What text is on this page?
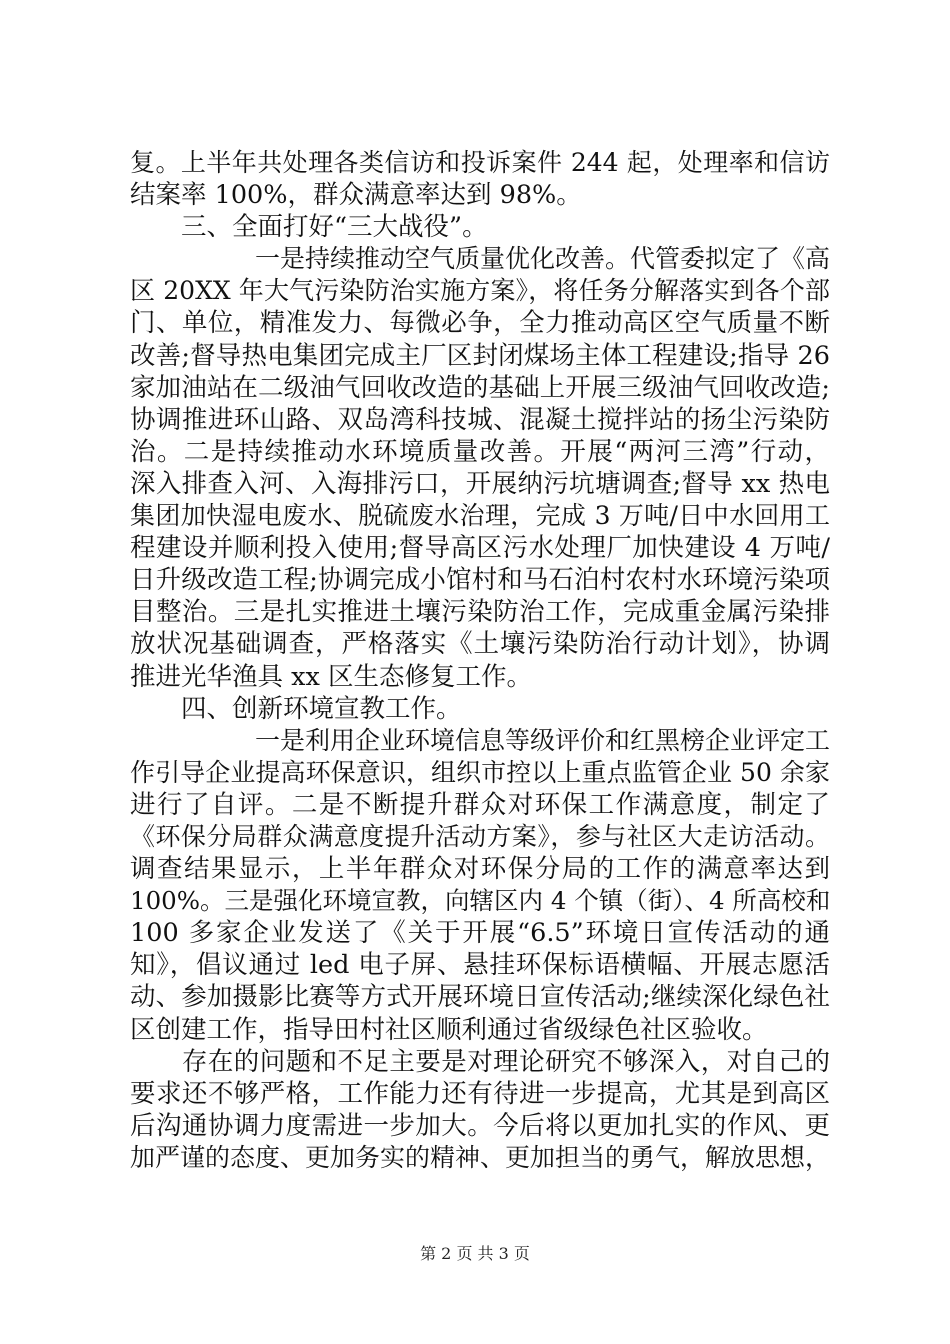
复。上半年共处理各类信访和投诉案件 244 起，处理率和信访
结案率 100%，群众满意率达到 98%。
　　三、全面打好“三大战役”。
　　　　　一是持续推动空气质量优化改善。代管委拟定了《高
区 20XX 年大气污染防治实施方案》，将任务分解落实到各个部
门、单位，精准发力、每微必争，全力推动高区空气质量不断
改善;督导热电集团完成主厂区封闭煤场主体工程建设;指导 26
家加油站在二级油气回收改造的基础上开展三级油气回收改造;
协调推进环山路、双岛湾科技城、混凝土搅拌站的扬尘污染防
治。二是持续推动水环境质量改善。开展“两河三湾”行动，
深入排查入河、入海排污口，开展纳污坑塘调查;督导 xx 热电
集团加快湿电废水、脱硫废水治理，完成 3 万吨/日中水回用工
程建设并顺利投入使用;督导高区污水处理厂加快建设 4 万吨/
日升级改造工程;协调完成小馆村和马石泊村农村水环境污染项
目整治。三是扎实推进土壤污染防治工作，完成重金属污染排
放状况基础调查，严格落实《土壤污染防治行动计划》，协调
推进光华渔具 xx 区生态修复工作。
　　四、创新环境宣教工作。
　　　　　一是利用企业环境信息等级评价和红黑榜企业评定工
作引导企业提高环保意识，组织市控以上重点监管企业 50 余家
进行了自评。二是不断提升群众对环保工作满意度，制定了
《环保分局群众满意度提升活动方案》，参与社区大走访活动。
调查结果显示，上半年群众对环保分局的工作的满意率达到
100%。三是强化环境宣教，向辖区内 4 个镇（街）、4 所高校和
100 多家企业发送了《关于开展“6.5”环境日宣传活动的通
知》，倡议通过 led 电子屏、悬挂环保标语横幅、开展志愿活
动、参加摄影比赛等方式开展环境日宣传活动;继续深化绿色社
区创建工作，指导田村社区顺利通过省级绿色社区验收。
　　存在的问题和不足主要是对理论研究不够深入，对自己的
要求还不够严格，工作能力还有待进一步提高，尤其是到高区
后沟通协调力度需进一步加大。今后将以更加扎实的作风、更
加严谨的态度、更加务实的精神、更加担当的勇气，解放思想，
第 2 页 共 3 页
